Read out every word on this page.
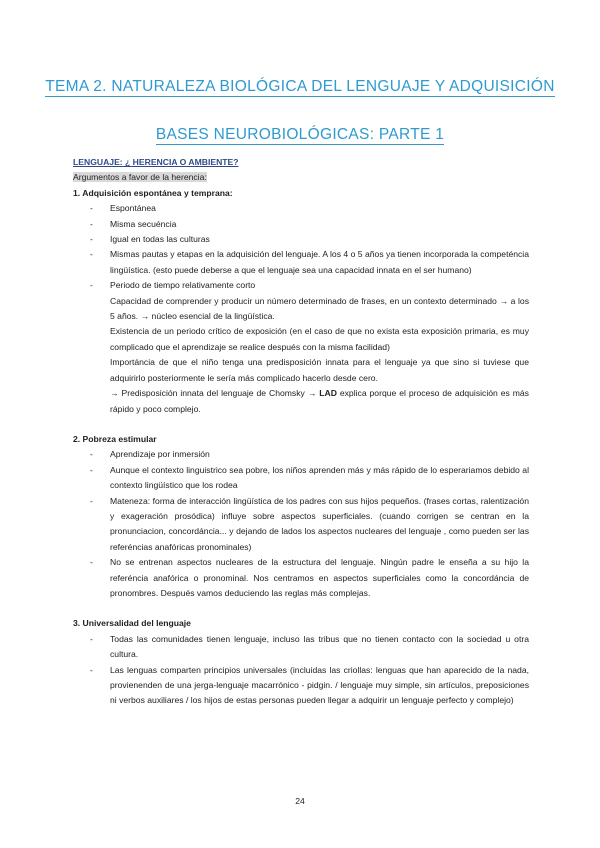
TEMA 2. NATURALEZA BIOLÓGICA DEL LENGUAJE Y ADQUISICIÓN
BASES NEUROBIOLÓGICAS: PARTE 1
LENGUAJE: ¿ HERENCIA O AMBIENTE?
Argumentos a favor de la herencia:
1. Adquisición espontánea y temprana:
- Espontánea
- Misma secuéncia
- Igual en todas las culturas
- Mismas pautas y etapas en la adquisición del lenguaje. A los 4 o 5 años ya tienen incorporada la competéncia lingüística. (esto puede deberse a que el lenguaje sea una capacidad innata en el ser humano)
- Periodo de tiempo relativamente corto

Capacidad de comprender y producir un número determinado de frases, en un contexto determinado → a los 5 años. → núcleo esencial de la lingüística.

Existencia de un periodo crítico de exposición (en el caso de que no exista esta exposición primaria, es muy complicado que el aprendizaje se realice después con la misma facilidad)

Importáncia de que el niño tenga una predisposición innata para el lenguaje ya que sino si tuviese que adquirirlo posteriormente le sería más complicado hacerlo desde cero.

→ Predisposición innata del lenguaje de Chomsky → LAD explica porque el proceso de adquisición es más rápido y poco complejo.

2. Pobreza estimular
- Aprendizaje por inmersión
- Aunque el contexto linguistrico sea pobre, los niños aprenden más y más rápido de lo esperariamos debido al contexto lingüístico que los rodea
- Mateneza: forma de interacción lingüística de los padres con sus hijos pequeños. (frases cortas, ralentización y exageración prosódica) influye sobre aspectos superficiales. (cuando corrigen se centran en la pronunciacion, concordáncia... y dejando de lados los aspectos nucleares del lenguaje , como pueden ser las referéncias anafóricas pronominales)
- No se entrenan aspectos nucleares de la estructura del lenguaje. Ningún padre le enseña a su hijo la referéncia anafórica o pronominal. Nos centramos en aspectos superficiales como la concordáncia de pronombres. Después vamos deduciendo las reglas más complejas.
3. Universalidad del lenguaje
- Todas las comunidades tienen lenguaje, incluso las tribus que no tienen contacto con la sociedad u otra cultura.
- Las lenguas comparten principios universales (incluidas las criollas: lenguas que han aparecido de la nada, provienenden de una jerga-lenguaje macarrónico - pidgin. / lenguaje muy simple, sin artículos, preposiciones ni verbos auxiliares / los hijos de estas personas pueden llegar a adquirir un lenguaje perfecto y complejo)
24
